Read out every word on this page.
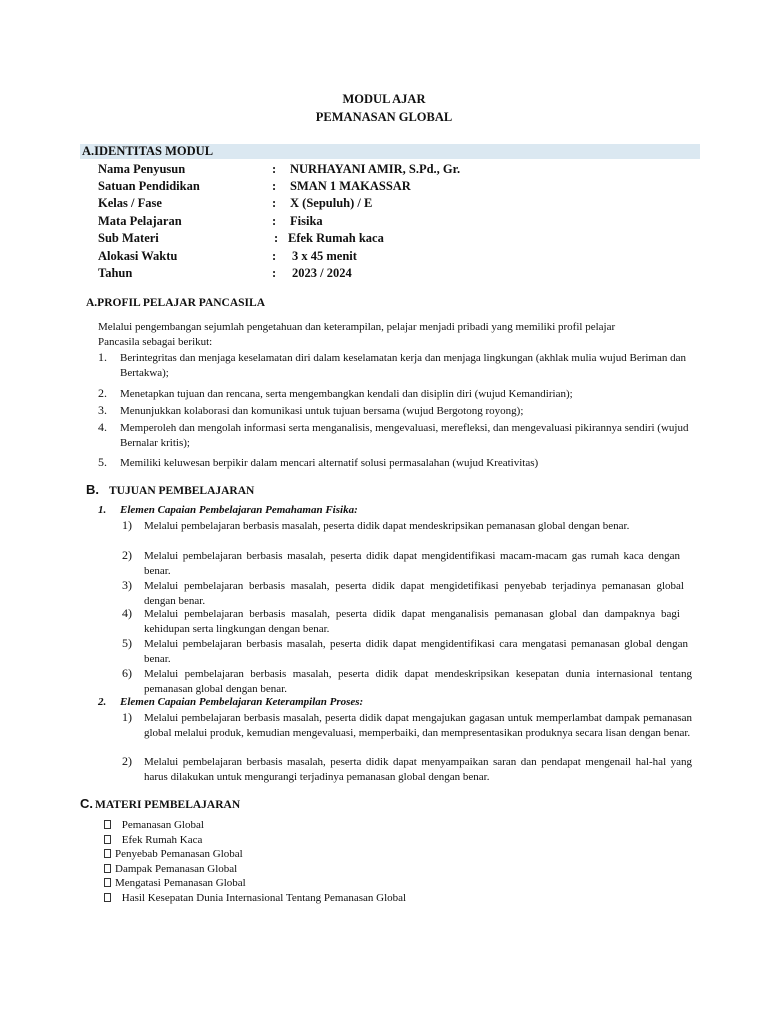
MODUL AJAR
PEMANASAN GLOBAL
A.IDENTITAS MODUL
Nama Penyusun	: NURHAYANI AMIR, S.Pd., Gr.
Satuan Pendidikan	: SMAN 1 MAKASSAR
Kelas / Fase	: X (Sepuluh) / E
Mata Pelajaran	: Fisika
Sub Materi	: Efek Rumah kaca
Alokasi Waktu	: 3 x 45 menit
Tahun	: 2023 / 2024
A.PROFIL PELAJAR PANCASILA
Melalui pengembangan sejumlah pengetahuan dan keterampilan, pelajar menjadi pribadi yang memiliki profil pelajar
Pancasila sebagai berikut:
1. Berintegritas dan menjaga keselamatan diri dalam keselamatan kerja dan menjaga lingkungan (akhlak mulia wujud Beriman dan Bertakwa);
2. Menetapkan tujuan dan rencana, serta mengembangkan kendali dan disiplin diri (wujud Kemandirian);
3. Menunjukkan kolaborasi dan komunikasi untuk tujuan bersama (wujud Bergotong royong);
4. Memperoleh dan mengolah informasi serta menganalisis, mengevaluasi, merefleksi, dan mengevaluasi pikirannya sendiri (wujud Bernalar kritis);
5. Memiliki keluwesan berpikir dalam mencari alternatif solusi permasalahan (wujud Kreativitas)
B. TUJUAN PEMBELAJARAN
1. Elemen Capaian Pembelajaran Pemahaman Fisika:
1) Melalui pembelajaran berbasis masalah, peserta didik dapat mendeskripsikan pemanasan global dengan benar.
2) Melalui pembelajaran berbasis masalah, peserta didik dapat mengidentifikasi macam-macam gas rumah kaca dengan benar.
3) Melalui pembelajaran berbasis masalah, peserta didik dapat mengidetifikasi penyebab terjadinya pemanasan global dengan benar.
4) Melalui pembelajaran berbasis masalah, peserta didik dapat menganalisis pemanasan global dan dampaknya bagi kehidupan serta lingkungan dengan benar.
5) Melalui pembelajaran berbasis masalah, peserta didik dapat mengidentifikasi cara mengatasi pemanasan global dengan benar.
6) Melalui pembelajaran berbasis masalah, peserta didik dapat mendeskripsikan kesepatan dunia internasional tentang pemanasan global dengan benar.
2. Elemen Capaian Pembelajaran Keterampilan Proses:
1) Melalui pembelajaran berbasis masalah, peserta didik dapat mengajukan gagasan untuk memperlambat dampak pemanasan global melalui produk, kemudian mengevaluasi, memperbaiki, dan mempresentasikan produknya secara lisan dengan benar.
2) Melalui pembelajaran berbasis masalah, peserta didik dapat menyampaikan saran dan pendapat mengenail hal-hal yang harus dilakukan untuk mengurangi terjadinya pemanasan global dengan benar.
C. MATERI PEMBELAJARAN
Pemanasan Global
Efek Rumah Kaca
Penyebab Pemanasan Global
Dampak Pemanasan Global
Mengatasi Pemanasan Global
Hasil Kesepatan Dunia Internasional Tentang Pemanasan Global
